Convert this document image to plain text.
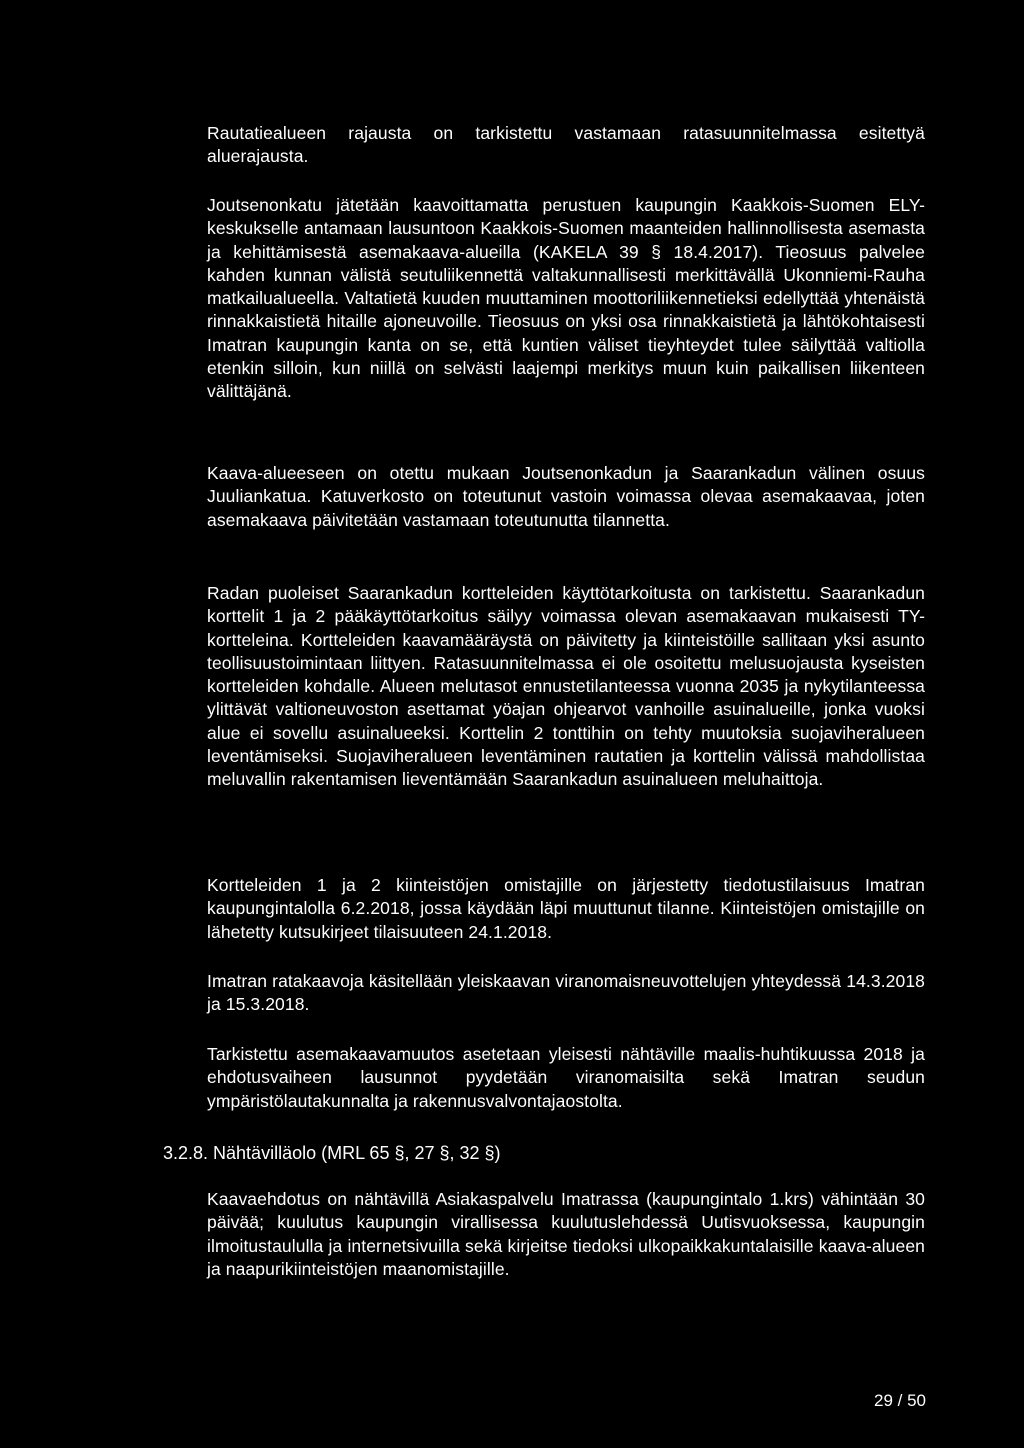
Rautatiealueen rajausta on tarkistettu vastamaan ratasuunnitelmassa esitettyä aluerajausta.

Joutsenonkatu jätetään kaavoittamatta perustuen kaupungin Kaakkois-Suomen ELY-keskukselle antamaan lausuntoon Kaakkois-Suomen maanteiden hallinnollisesta asemasta ja kehittämisestä asemakaava-alueilla (KAKELA 39 § 18.4.2017). Tieosuus palvelee kahden kunnan välistä seutuliikennettä valtakunnallisesti merkittävällä Ukonniemi-Rauha matkailualueella. Valtatietä kuuden muuttaminen moottoriliikennetieksi edellyttää yhtenäistä rinnakkaistietä hitaille ajoneuvoille. Tieosuus on yksi osa rinnakkaistietä ja lähtökohtaisesti Imatran kaupungin kanta on se, että kuntien väliset tieyhteydet tulee säilyttää valtiolla etenkin silloin, kun niillä on selvästi laajempi merkitys muun kuin paikallisen liikenteen välittäjänä.

Kaava-alueeseen on otettu mukaan Joutsenonkadun ja Saarankadun välinen osuus Juuliankatua. Katuverkosto on toteutunut vastoin voimassa olevaa asemakaavaa, joten asemakaava päivitetään vastamaan toteutunutta tilannetta.

Radan puoleiset Saarankadun kortteleiden käyttötarkoitusta on tarkistettu. Saarankadun korttelit 1 ja 2 pääkäyttötarkoitus säilyy voimassa olevan asemakaavan mukaisesti TY-kortteleina. Kortteleiden kaavamääräystä on päivitetty ja kiinteistöille sallitaan yksi asunto teollisuustoimintaan liittyen. Ratasuunnitelmassa ei ole osoitettu melusuojausta kyseisten kortteleiden kohdalle. Alueen melutasot ennustetilanteessa vuonna 2035 ja nykytilanteessa ylittävät valtioneuvoston asettamat yöajan ohjearvot vanhoille asuinalueille, jonka vuoksi alue ei sovellu asuinalueeksi. Korttelin 2 tonttihin on tehty muutoksia suojaviheralueen leventämiseksi. Suojaviheralueen leventäminen rautatien ja korttelin välissä mahdollistaa meluvallin rakentamisen lieventämään Saarankadun asuinalueen meluhaittoja.

Kortteleiden 1 ja 2 kiinteistöjen omistajille on järjestetty tiedotustilaisuus Imatran kaupungintalolla 6.2.2018, jossa käydään läpi muuttunut tilanne. Kiinteistöjen omistajille on lähetetty kutsukirjeet tilaisuuteen 24.1.2018.

Imatran ratakaavoja käsitellään yleiskaavan viranomaisneuvottelujen yhteydessä 14.3.2018 ja 15.3.2018.

Tarkistettu asemakaavamuutos asetetaan yleisesti nähtäville maalis-huhtikuussa 2018 ja ehdotusvaiheen lausunnot pyydetään viranomaisilta sekä Imatran seudun ympäristölautakunnalta ja rakennusvalvontajaostolta.

3.2.8. Nähtävilläolo (MRL 65 §, 27 §, 32 §)

Kaavaehdotus on nähtävillä Asiakaspalvelu Imatrassa (kaupungintalo 1.krs) vähintään 30 päivää; kuulutus kaupungin virallisessa kuulutuslehdessä Uutisvuoksessa, kaupungin ilmoitustaululla ja internetsivuilla sekä kirjeitse tiedoksi ulkopaikkakuntalaisille kaava-alueen ja naapurikiinteistöjen maanomistajille.

29 / 50
